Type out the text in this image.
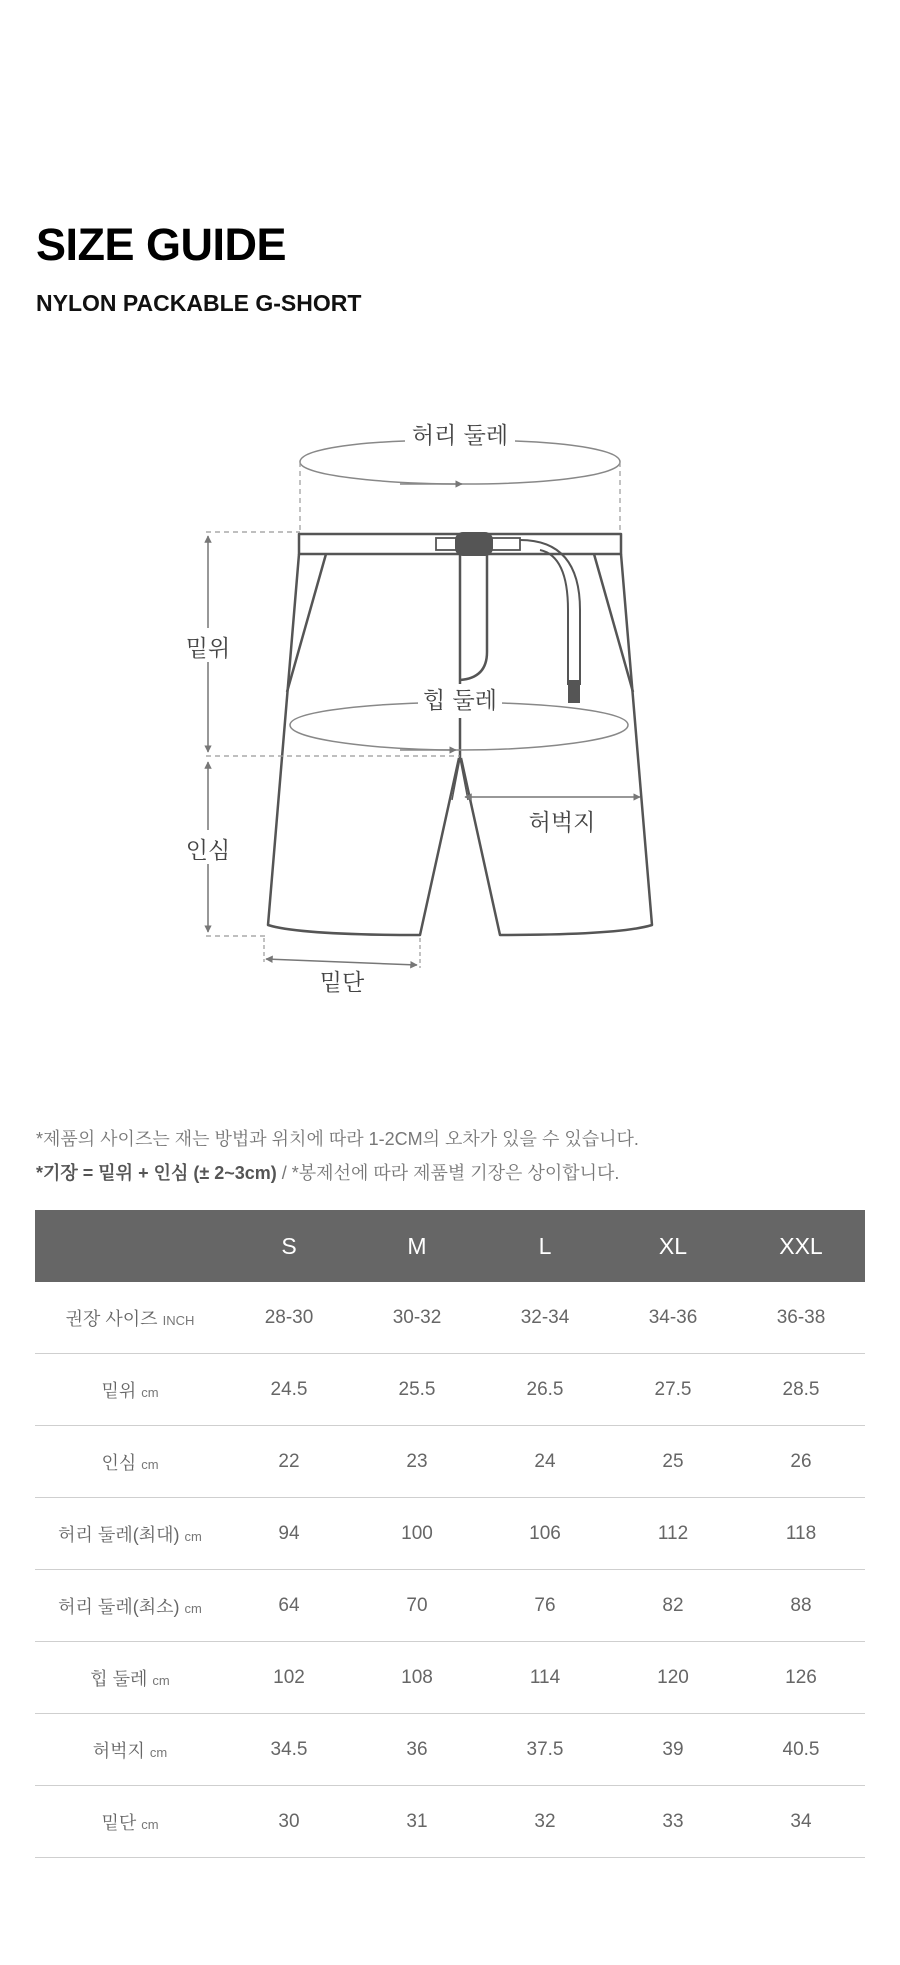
SIZE GUIDE
NYLON PACKABLE G-SHORT
허리 둘레
밑위
힙 둘레
인심
허벅지
밑단

*제품의 사이즈는 재는 방법과 위치에 따라 1-2CM의 오차가 있을 수 있습니다.

*기장 = 밑위 + 인심 (± 2~3cm) / *봉제선에 따라 제품별 기장은 상이합니다.

	S	M	L	XL	XXL
권장 사이즈 INCH	28-30	30-32	32-34	34-36	36-38
밑위 cm	24.5	25.5	26.5	27.5	28.5
인심 cm	22	23	24	25	26
허리 둘레(최대) cm	94	100	106	112	118
허리 둘레(최소) cm	64	70	76	82	88
힙 둘레 cm	102	108	114	120	126
허벅지 cm	34.5	36	37.5	39	40.5
밑단 cm	30	31	32	33	34
